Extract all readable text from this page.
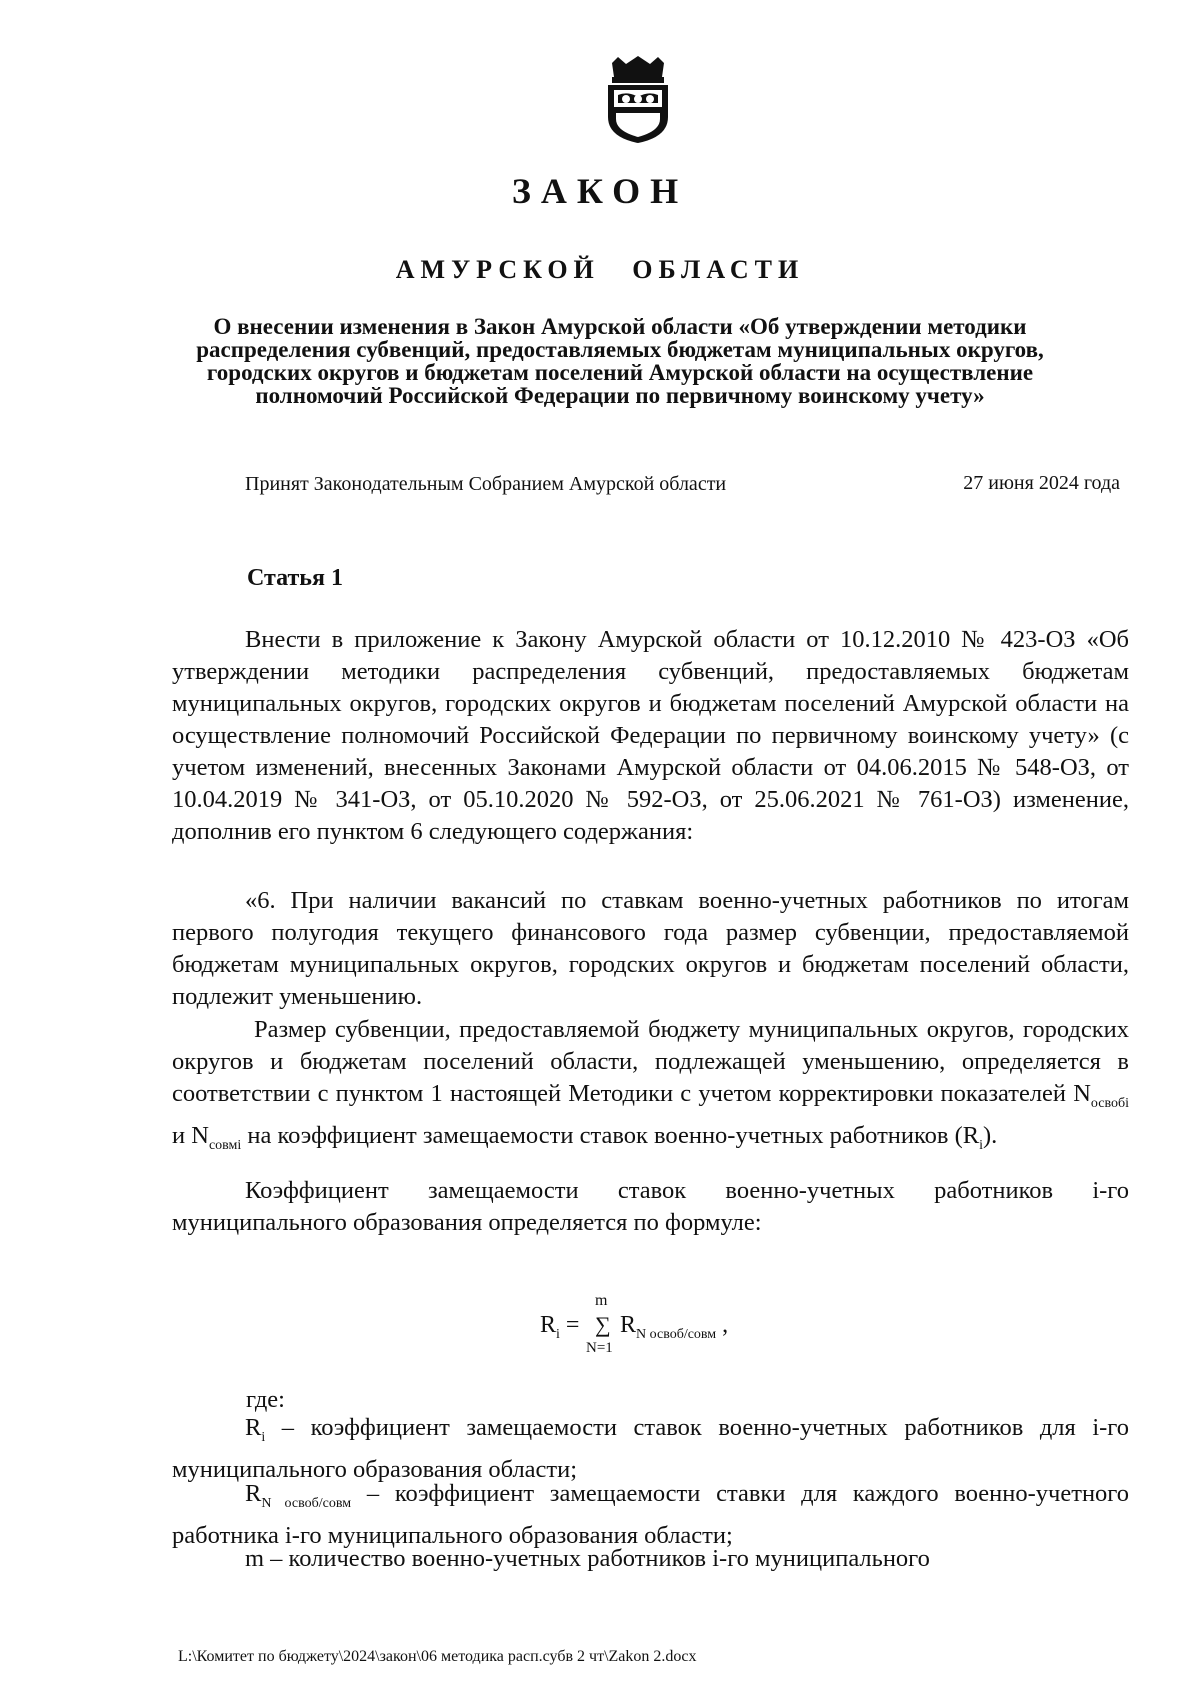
ЗАКОН
АМУРСКОЙ ОБЛАСТИ
О внесении изменения в Закон Амурской области «Об утверждении методики распределения субвенций, предоставляемых бюджетам муниципальных округов, городских округов и бюджетам поселений Амурской области на осуществление полномочий Российской Федерации по первичному воинскому учету»
Принят Законодательным Собранием Амурской области	27 июня 2024 года
Статья 1
Внести в приложение к Закону Амурской области от 10.12.2010 № 423-ОЗ «Об утверждении методики распределения субвенций, предоставляемых бюджетам муниципальных округов, городских округов и бюджетам поселений Амурской области на осуществление полномочий Российской Федерации по первичному воинскому учету» (с учетом изменений, внесенных Законами Амурской области от 04.06.2015 № 548-ОЗ, от 10.04.2019 № 341-ОЗ, от 05.10.2020 № 592-ОЗ, от 25.06.2021 № 761-ОЗ) изменение, дополнив его пунктом 6 следующего содержания:
«6. При наличии вакансий по ставкам военно-учетных работников по итогам первого полугодия текущего финансового года размер субвенции, предоставляемой бюджетам муниципальных округов, городских округов и бюджетам поселений области, подлежит уменьшению.
Размер субвенции, предоставляемой бюджету муниципальных округов, городских округов и бюджетам поселений области, подлежащей уменьшению, определяется в соответствии с пунктом 1 настоящей Методики с учетом корректировки показателей $N_{освобi}$ и $N_{совмi}$ на коэффициент замещаемости ставок военно-учетных работников $(R_i)$.
Коэффициент замещаемости ставок военно-учетных работников i-го муниципального образования определяется по формуле:
$R_i$ =
m
∑
N=1
$R_{N освоб/совм}$ ,
где:
$R_i$ – коэффициент замещаемости ставок военно-учетных работников для i-го муниципального образования области;
$R_{N освоб/совм}$ – коэффициент замещаемости ставки для каждого военно-учетного работника i-го муниципального образования области;
m – количество военно-учетных работников i-го муниципального
L:\Комитет по бюджету\2024\закон\06 методика расп.субв 2 чт\Zakon 2.docx
